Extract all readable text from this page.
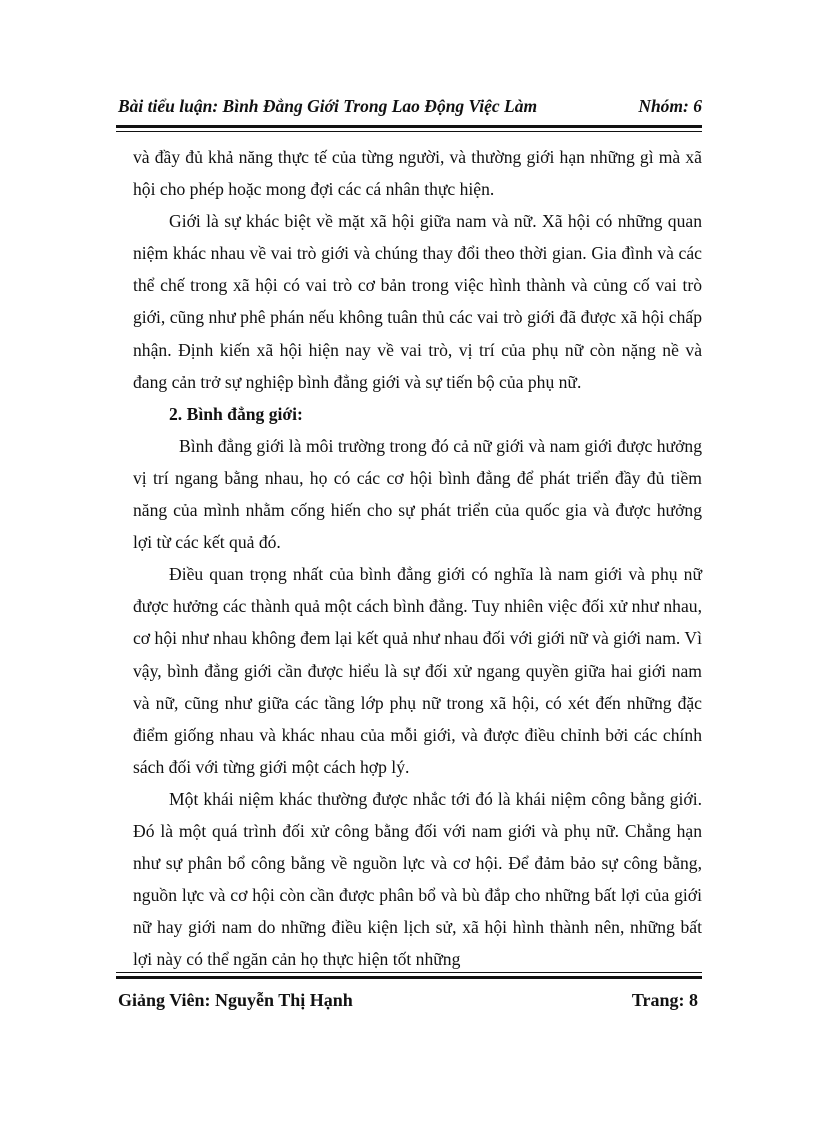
Bài tiểu luận: Bình Đẳng Giới Trong Lao Động Việc Làm	Nhóm: 6

và đầy đủ khả năng thực tế của từng người, và thường giới hạn những gì mà xã hội cho phép hoặc mong đợi các cá nhân thực hiện.

Giới là sự khác biệt về mặt xã hội giữa nam và nữ. Xã hội có những quan niệm khác nhau về vai trò giới và chúng thay đổi theo thời gian. Gia đình và các thể chế trong xã hội có vai trò cơ bản trong việc hình thành và củng cố vai trò giới, cũng như phê phán nếu không tuân thủ các vai trò giới đã được xã hội chấp nhận. Định kiến xã hội hiện nay về vai trò, vị trí của phụ nữ còn nặng nề và đang cản trở sự nghiệp bình đẳng giới và sự tiến bộ của phụ nữ.

2. Bình đẳng giới:

Bình đẳng giới là môi trường trong đó cả nữ giới và nam giới được hưởng vị trí ngang bằng nhau, họ có các cơ hội bình đẳng để phát triển đầy đủ tiềm năng của mình nhằm cống hiến cho sự phát triển của quốc gia và được hưởng lợi từ các kết quả đó.

Điều quan trọng nhất của bình đẳng giới có nghĩa là nam giới và phụ nữ được hưởng các thành quả một cách bình đẳng. Tuy nhiên việc đối xử như nhau, cơ hội như nhau không đem lại kết quả như nhau đối với giới nữ và giới nam. Vì vậy, bình đẳng giới cần được hiểu là sự đối xử ngang quyền giữa hai giới nam và nữ, cũng như giữa các tầng lớp phụ nữ trong xã hội, có xét đến những đặc điểm giống nhau và khác nhau của mỗi giới, và được điều chỉnh bởi các chính sách đối với từng giới một cách hợp lý.

Một khái niệm khác thường được nhắc tới đó là khái niệm công bằng giới. Đó là một quá trình đối xử công bằng đối với nam giới và phụ nữ. Chẳng hạn như sự phân bổ công bằng về nguồn lực và cơ hội. Để đảm bảo sự công bằng, nguồn lực và cơ hội còn cần được phân bổ và bù đắp cho những bất lợi của giới nữ hay giới nam do những điều kiện lịch sử, xã hội hình thành nên, những bất lợi này có thể ngăn cản họ thực hiện tốt những

Giảng Viên: Nguyễn Thị Hạnh	Trang: 8
